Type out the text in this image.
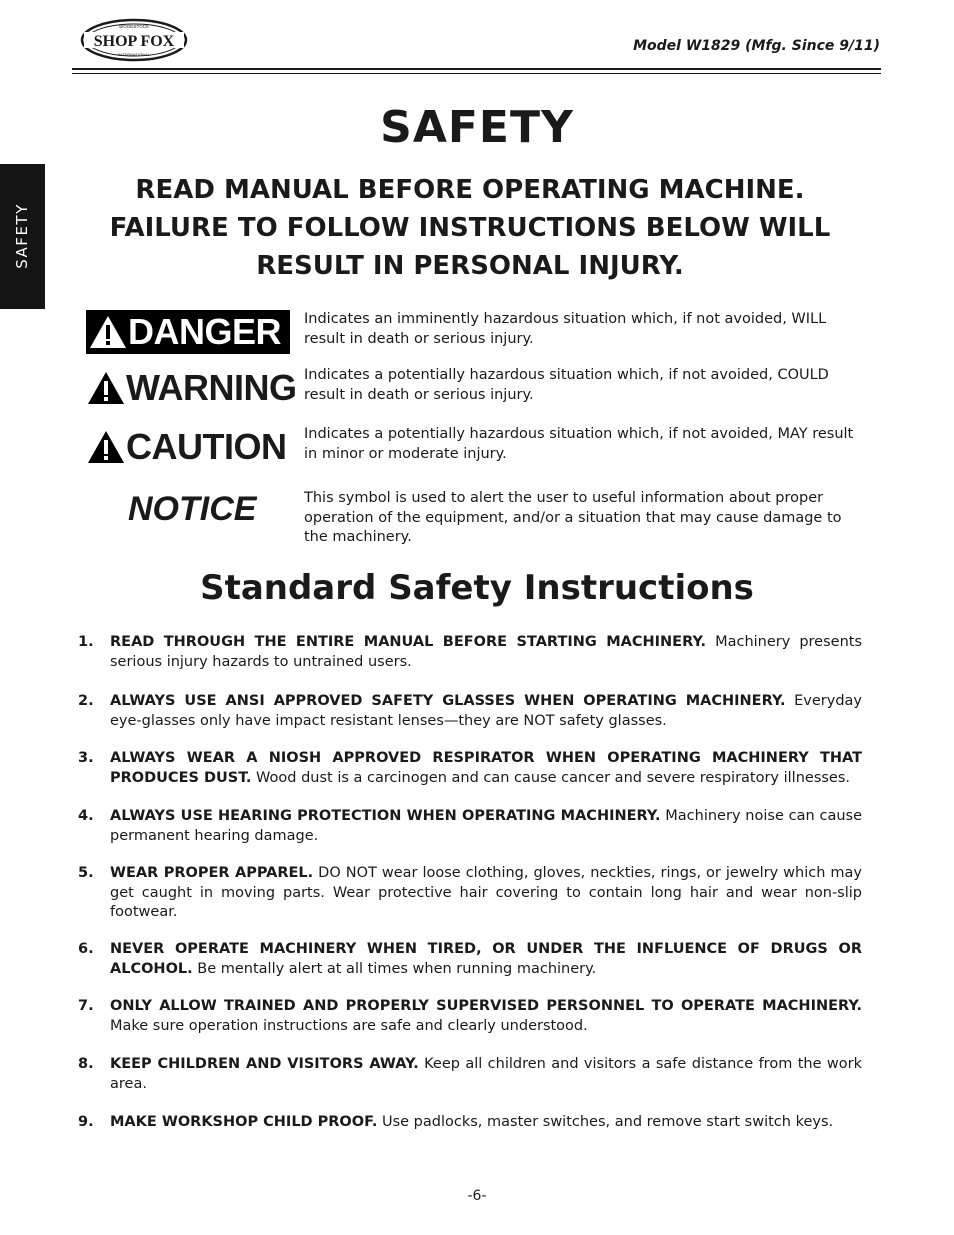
SHOP FOX
WOODSTOCK
INTERNATIONAL
Model W1829 (Mfg. Since 9/11)
SAFETY
SAFETY
READ MANUAL BEFORE OPERATING MACHINE.
FAILURE TO FOLLOW INSTRUCTIONS BELOW WILL
RESULT IN PERSONAL INJURY.
DANGER Indicates an imminently hazardous situation which, if not avoided, WILL result in death or serious injury.
WARNING Indicates a potentially hazardous situation which, if not avoided, COULD result in death or serious injury.
CAUTION Indicates a potentially hazardous situation which, if not avoided, MAY result in minor or moderate injury.
NOTICE	This symbol is used to alert the user to useful information about proper operation of the equipment, and/or a situation that may cause damage to the machinery.
Standard Safety Instructions
1. READ THROUGH THE ENTIRE MANUAL BEFORE STARTING MACHINERY. Machinery presents serious injury hazards to untrained users.
2. ALWAYS USE ANSI APPROVED SAFETY GLASSES WHEN OPERATING MACHINERY. Everyday eye-glasses only have impact resistant lenses—they are NOT safety glasses.
3. ALWAYS WEAR A NIOSH APPROVED RESPIRATOR WHEN OPERATING MACHINERY THAT PRODUCES DUST. Wood dust is a carcinogen and can cause cancer and severe respiratory illnesses.
4. ALWAYS USE HEARING PROTECTION WHEN OPERATING MACHINERY. Machinery noise can cause permanent hearing damage.
5. WEAR PROPER APPAREL. DO NOT wear loose clothing, gloves, neckties, rings, or jewelry which may get caught in moving parts. Wear protective hair covering to contain long hair and wear non-slip footwear.
6. NEVER OPERATE MACHINERY WHEN TIRED, OR UNDER THE INFLUENCE OF DRUGS OR ALCOHOL. Be mentally alert at all times when running machinery.
7. ONLY ALLOW TRAINED AND PROPERLY SUPERVISED PERSONNEL TO OPERATE MACHINERY. Make sure operation instructions are safe and clearly understood.
8. KEEP CHILDREN AND VISITORS AWAY. Keep all children and visitors a safe distance from the work area.
9. MAKE WORKSHOP CHILD PROOF. Use padlocks, master switches, and remove start switch keys.
-6-
